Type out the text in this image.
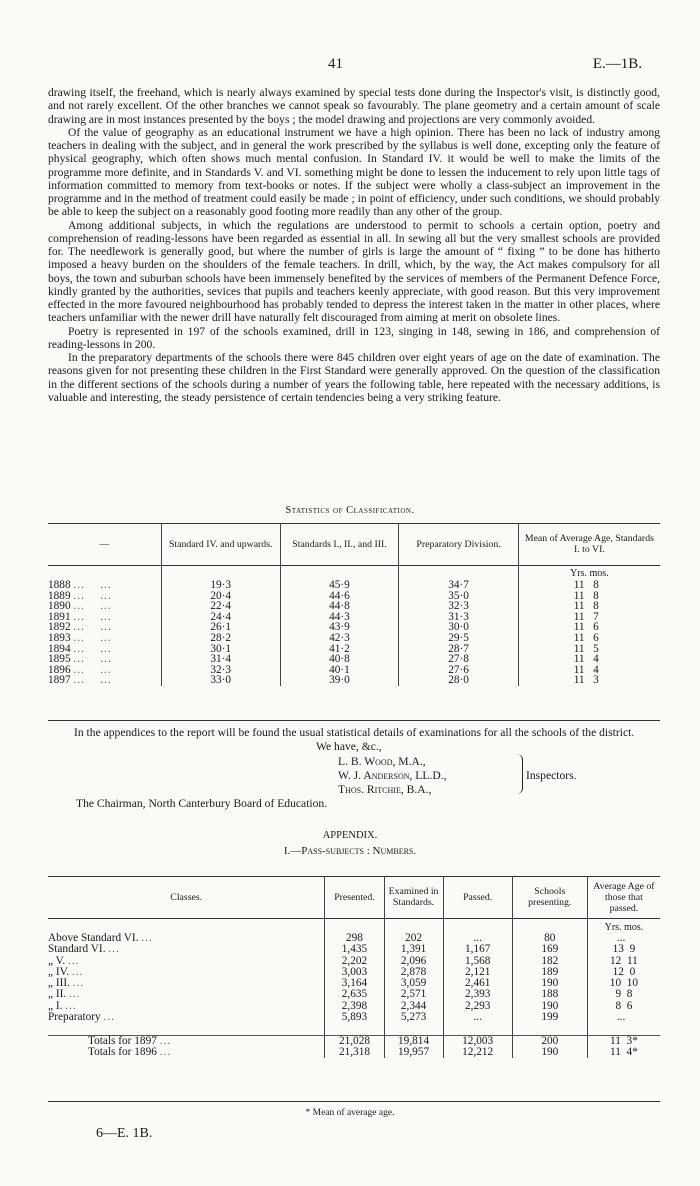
41	E.—1B.

drawing itself, the freehand, which is nearly always examined by special tests done during the Inspector's visit, is distinctly good, and not rarely excellent. Of the other branches we cannot speak so favourably. The plane geometry and a certain amount of scale drawing are in most instances presented by the boys ; the model drawing and projections are very commonly avoided.

Of the value of geography as an educational instrument we have a high opinion. There has been no lack of industry among teachers in dealing with the subject, and in general the work prescribed by the syllabus is well done, excepting only the feature of physical geography, which often shows much mental confusion. In Standard IV. it would be well to make the limits of the programme more definite, and in Standards V. and VI. something might be done to lessen the inducement to rely upon little tags of information committed to memory from text-books or notes. If the subject were wholly a class-subject an improvement in the programme and in the method of treatment could easily be made ; in point of efficiency, under such conditions, we should probably be able to keep the subject on a reasonably good footing more readily than any other of the group.

Among additional subjects, in which the regulations are understood to permit to schools a certain option, poetry and comprehension of reading-lessons have been regarded as essential in all. In sewing all but the very smallest schools are provided for. The needlework is generally good, but where the number of girls is large the amount of “ fixing ” to be done has hitherto imposed a heavy burden on the shoulders of the female teachers. In drill, which, by the way, the Act makes compulsory for all boys, the town and suburban schools have been immensely benefited by the services of members of the Permanent Defence Force, kindly granted by the authorities, sevices that pupils and teachers keenly appreciate, with good reason. But this very improvement effected in the more favoured neighbourhood has probably tended to depress the interest taken in the matter in other places, where teachers unfamiliar with the newer drill have naturally felt discouraged from aiming at merit on obsolete lines.

Poetry is represented in 197 of the schools examined, drill in 123, singing in 148, sewing in 186, and comprehension of reading-lessons in 200.

In the preparatory departments of the schools there were 845 children over eight years of age on the date of examination. The reasons given for not presenting these children in the First Standard were generally approved. On the question of the classification in the different sections of the schools during a number of years the following table, here repeated with the necessary additions, is valuable and interesting, the steady persistence of certain tendencies being a very striking feature.

Statistics of Classification.
—	Standard IV. and upwards.	Standards I., II., and III.	Preparatory Division.	Mean of Average Age, Standards I. to VI.
				Yrs. mos.
1888 ...    ...	19·3	45·9	34·7	11 8
1889 ...    ...	20·4	44·6	35·0	11 8
1890 ...    ...	22·4	44·8	32·3	11 8
1891 ...    ...	24·4	44·3	31·3	11 7
1892 ...    ...	26·1	43·9	30·0	11 6
1893 ...    ...	28·2	42·3	29·5	11 6
1894 ...    ...	30·1	41·2	28·7	11 5
1895 ...    ...	31·4	40·8	27·8	11 4
1896 ...    ...	32·3	40·1	27·6	11 4
1897 ...    ...	33·0	39·0	28·0	11 3
In the appendices to the report will be found the usual statistical details of examinations for all the schools of the district.
We have, &c.,
L. B. Wood, M.A.,
W. J. Anderson, LL.D.,
Thos. Ritchie, B.A.,
Inspectors.
The Chairman, North Canterbury Board of Education.
APPENDIX.
I.—Pass-subjects : Numbers.
Classes.	Presented.	Examined in Standards.	Passed.	Schools presenting.	Average Age of those that passed.
					Yrs. mos.
Above Standard VI. ...	298	202	...	80	...
Standard VI. ...	1,435	1,391	1,167	169	13 9
„ V. ...	2,202	2,096	1,568	182	12 11
„ IV. ...	3,003	2,878	2,121	189	12 0
„ III. ...	3,164	3,059	2,461	190	10 10
„ II. ...	2,635	2,571	2,393	188	9 8
„ I. ...	2,398	2,344	2,293	190	8 6
Preparatory ...	5,893	5,273	...	199	...

Totals for 1897 ...	21,028	19,814	12,003	200	11 3*
Totals for 1896 ...	21,318	19,957	12,212	190	11 4*
* Mean of average age.
6—E. 1B.
